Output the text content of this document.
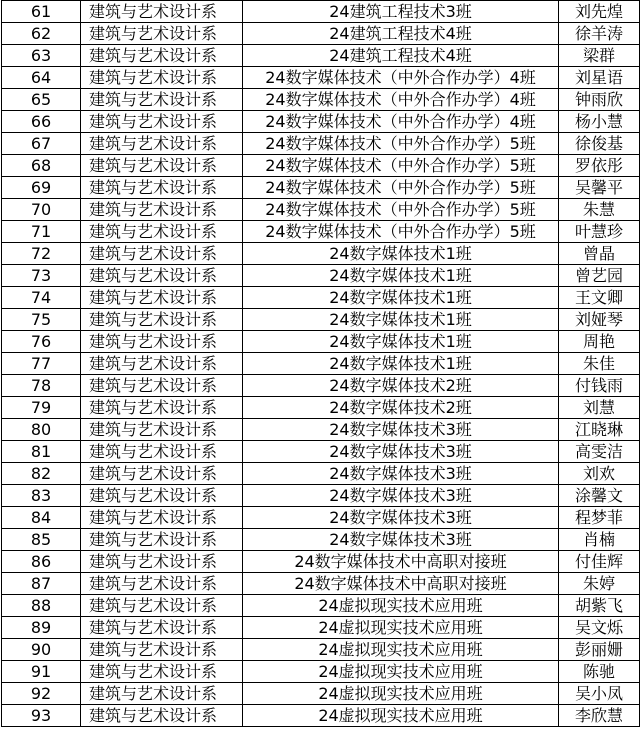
61	建筑与艺术设计系	24建筑工程技术3班	刘先煌
62	建筑与艺术设计系	24建筑工程技术4班	徐羊涛
63	建筑与艺术设计系	24建筑工程技术4班	梁群
64	建筑与艺术设计系	24数字媒体技术（中外合作办学）4班	刘星语
65	建筑与艺术设计系	24数字媒体技术（中外合作办学）4班	钟雨欣
66	建筑与艺术设计系	24数字媒体技术（中外合作办学）4班	杨小慧
67	建筑与艺术设计系	24数字媒体技术（中外合作办学）5班	徐俊基
68	建筑与艺术设计系	24数字媒体技术（中外合作办学）5班	罗依彤
69	建筑与艺术设计系	24数字媒体技术（中外合作办学）5班	吴馨平
70	建筑与艺术设计系	24数字媒体技术（中外合作办学）5班	朱慧
71	建筑与艺术设计系	24数字媒体技术（中外合作办学）5班	叶慧珍
72	建筑与艺术设计系	24数字媒体技术1班	曾晶
73	建筑与艺术设计系	24数字媒体技术1班	曾艺园
74	建筑与艺术设计系	24数字媒体技术1班	王文卿
75	建筑与艺术设计系	24数字媒体技术1班	刘娅琴
76	建筑与艺术设计系	24数字媒体技术1班	周艳
77	建筑与艺术设计系	24数字媒体技术1班	朱佳
78	建筑与艺术设计系	24数字媒体技术2班	付钱雨
79	建筑与艺术设计系	24数字媒体技术2班	刘慧
80	建筑与艺术设计系	24数字媒体技术3班	江晓琳
81	建筑与艺术设计系	24数字媒体技术3班	高雯洁
82	建筑与艺术设计系	24数字媒体技术3班	刘欢
83	建筑与艺术设计系	24数字媒体技术3班	涂馨文
84	建筑与艺术设计系	24数字媒体技术3班	程梦菲
85	建筑与艺术设计系	24数字媒体技术3班	肖楠
86	建筑与艺术设计系	24数字媒体技术中高职对接班	付佳辉
87	建筑与艺术设计系	24数字媒体技术中高职对接班	朱婷
88	建筑与艺术设计系	24虚拟现实技术应用班	胡紫飞
89	建筑与艺术设计系	24虚拟现实技术应用班	吴文烁
90	建筑与艺术设计系	24虚拟现实技术应用班	彭丽姗
91	建筑与艺术设计系	24虚拟现实技术应用班	陈驰
92	建筑与艺术设计系	24虚拟现实技术应用班	吴小凤
93	建筑与艺术设计系	24虚拟现实技术应用班	李欣慧
